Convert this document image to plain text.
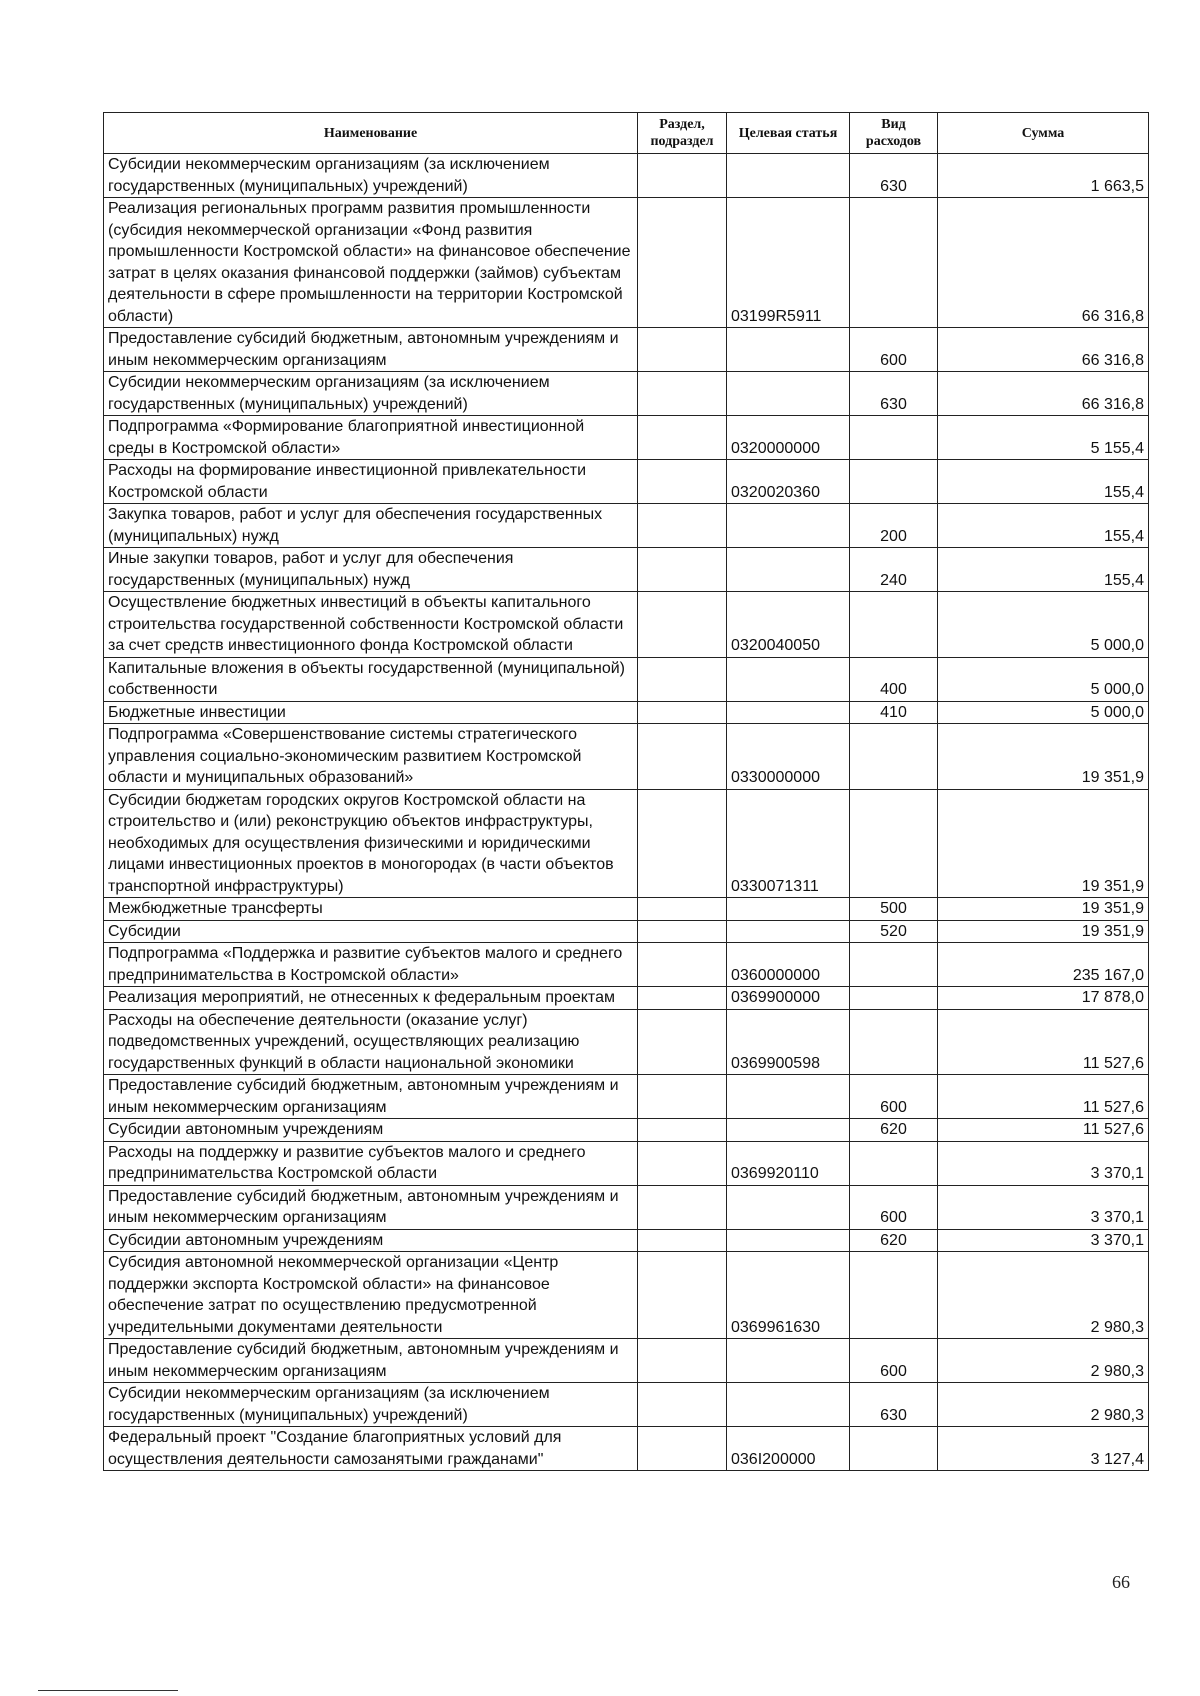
Наименование	Раздел, подраздел	Целевая статья	Вид расходов	Сумма
Субсидии некоммерческим организациям (за исключением государственных (муниципальных) учреждений)			630	1 663,5
Реализация региональных программ развития промышленности (субсидия некоммерческой организации «Фонд развития промышленности Костромской области» на финансовое обеспечение затрат в целях оказания финансовой поддержки (займов) субъектам деятельности в сфере промышленности на территории Костромской области)		03199R5911		66 316,8
Предоставление субсидий бюджетным, автономным учреждениям и иным некоммерческим организациям			600	66 316,8
Субсидии некоммерческим организациям (за исключением государственных (муниципальных) учреждений)			630	66 316,8
Подпрограмма «Формирование благоприятной инвестиционной среды в Костромской области»		0320000000		5 155,4
Расходы на формирование инвестиционной привлекательности Костромской области		0320020360		155,4
Закупка товаров, работ и услуг для обеспечения государственных (муниципальных) нужд			200	155,4
Иные закупки товаров, работ и услуг для обеспечения государственных (муниципальных) нужд			240	155,4
Осуществление бюджетных инвестиций в объекты капитального строительства государственной собственности Костромской области за счет средств инвестиционного фонда Костромской области		0320040050		5 000,0
Капитальные вложения в объекты государственной (муниципальной) собственности			400	5 000,0
Бюджетные инвестиции			410	5 000,0
Подпрограмма «Совершенствование системы стратегического управления социально-экономическим развитием Костромской области и муниципальных образований»		0330000000		19 351,9
Субсидии бюджетам городских округов Костромской области на строительство и (или) реконструкцию объектов инфраструктуры, необходимых для осуществления физическими и юридическими лицами инвестиционных проектов в моногородах (в части объектов транспортной инфраструктуры)		0330071311		19 351,9
Межбюджетные трансферты			500	19 351,9
Субсидии			520	19 351,9
Подпрограмма «Поддержка и развитие субъектов малого и среднего предпринимательства в Костромской области»		0360000000		235 167,0
Реализация мероприятий, не отнесенных к федеральным проектам		0369900000		17 878,0
Расходы на обеспечение деятельности (оказание услуг) подведомственных учреждений, осуществляющих реализацию государственных функций в области национальной экономики		0369900598		11 527,6
Предоставление субсидий бюджетным, автономным учреждениям и иным некоммерческим организациям			600	11 527,6
Субсидии автономным учреждениям			620	11 527,6
Расходы на поддержку и развитие субъектов малого и среднего предпринимательства Костромской области		0369920110		3 370,1
Предоставление субсидий бюджетным, автономным учреждениям и иным некоммерческим организациям			600	3 370,1
Субсидии автономным учреждениям			620	3 370,1
Субсидия автономной некоммерческой организации «Центр поддержки экспорта Костромской области» на финансовое обеспечение затрат по осуществлению предусмотренной учредительными документами деятельности		0369961630		2 980,3
Предоставление субсидий бюджетным, автономным учреждениям и иным некоммерческим организациям			600	2 980,3
Субсидии некоммерческим организациям (за исключением государственных (муниципальных) учреждений)			630	2 980,3
Федеральный проект "Создание благоприятных условий для осуществления деятельности самозанятыми гражданами"		036I200000		3 127,4
66
